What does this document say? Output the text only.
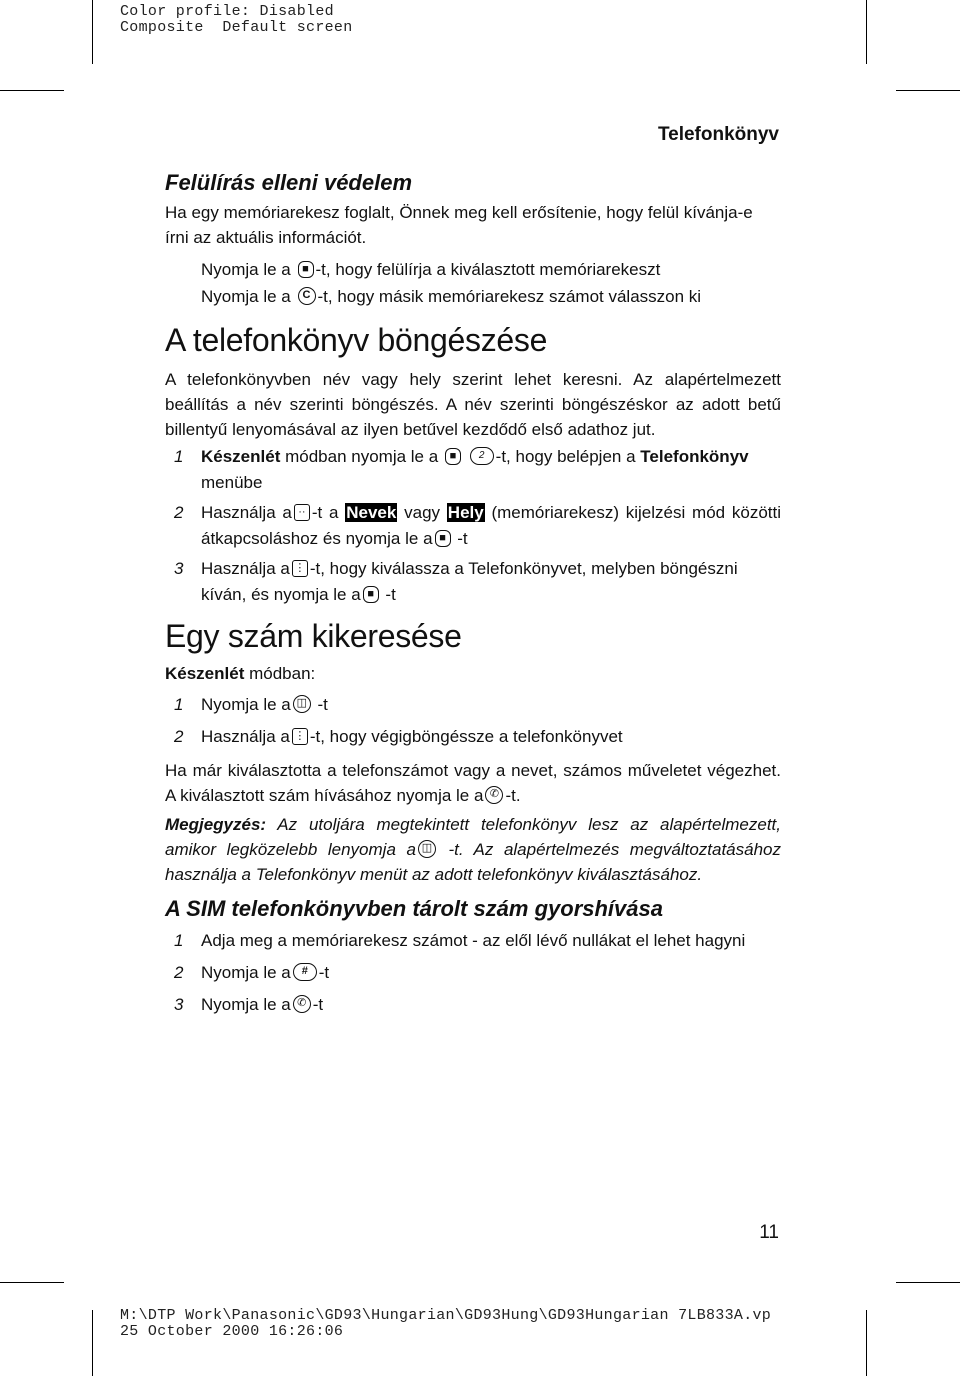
Color profile: Disabled
Composite  Default screen
M:\DTP Work\Panasonic\GD93\Hungarian\GD93Hung\GD93Hungarian 7LB833A.vp
25 October 2000 16:26:06
Telefonkönyv
Felülírás elleni védelem

Ha egy memóriarekesz foglalt, Önnek meg kell erősítenie, hogy felül kívánja-e írni az aktuális információt.

Nyomja le a	■ -t, hogy felülírja a kiválasztott memóriarekeszt

Nyomja le a	C -t, hogy másik memóriarekesz számot válasszon ki

A telefonkönyv böngészése

A telefonkönyvben név vagy hely szerint lehet keresni. Az alapértelmezett beállítás a név szerinti böngészés. A név szerinti böngészéskor az adott betű billentyű lenyomásával az ilyen betűvel kezdődő első adathoz jut.

1 Készenlét módban nyomja le a	■
	2 -t, hogy belépjen a Telefonkönyv menübe

2 Használja a ·· -t a Nevek vagy Hely (memóriarekesz) kijelzési mód közötti átkapcsoláshoz és nyomja le a ■ -t

3 Használja a ⋮ -t, hogy kiválassza a Telefonkönyvet, melyben böngészni kíván, és nyomja le a ■ -t

Egy szám kikeresése

Készenlét módban:

1 Nyomja le a ◫ -t

2 Használja a ⋮ -t, hogy végigböngéssze a telefonkönyvet

Ha már kiválasztotta a telefonszámot vagy a nevet, számos műveletet végezhet. A kiválasztott szám hívásához nyomja le a ✆ -t.

Megjegyzés: Az utoljára megtekintett telefonkönyv lesz az alapértelmezett, amikor legközelebb lenyomja a ◫ -t. Az alapértelmezés megváltoztatásához használja a Telefonkönyv menüt az adott telefonkönyv kiválasztásához.

A SIM telefonkönyvben tárolt szám gyorshívása

1 Adja meg a memóriarekesz számot - az elől lévő nullákat el lehet hagyni

2 Nyomja le a # -t

3 Nyomja le a ✆ -t

11
